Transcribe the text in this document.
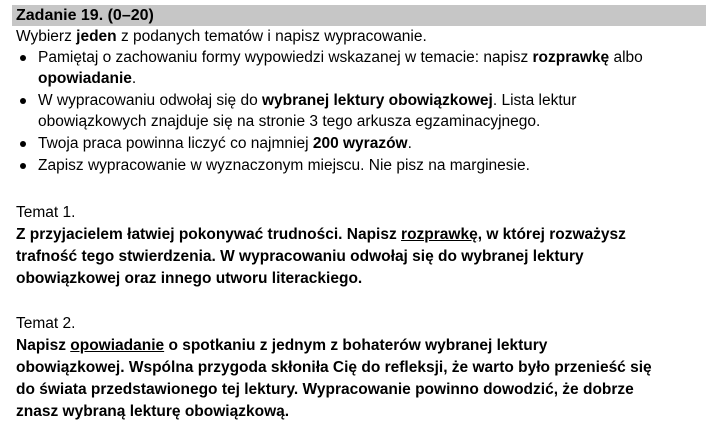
Zadanie 19. (0–20)
Wybierz jeden z podanych tematów i napisz wypracowanie.
Pamiętaj o zachowaniu formy wypowiedzi wskazanej w temacie: napisz rozprawkę albo
opowiadanie.
W wypracowaniu odwołaj się do wybranej lektury obowiązkowej. Lista lektur
obowiązkowych znajduje się na stronie 3 tego arkusza egzaminacyjnego.
Twoja praca powinna liczyć co najmniej 200 wyrazów.
Zapisz wypracowanie w wyznaczonym miejscu. Nie pisz na marginesie.
Temat 1.
Z przyjacielem łatwiej pokonywać trudności. Napisz rozprawkę, w której rozważysz
trafność tego stwierdzenia. W wypracowaniu odwołaj się do wybranej lektury
obowiązkowej oraz innego utworu literackiego.
Temat 2.
Napisz opowiadanie o spotkaniu z jednym z bohaterów wybranej lektury
obowiązkowej. Wspólna przygoda skłoniła Cię do refleksji, że warto było przenieść się
do świata przedstawionego tej lektury. Wypracowanie powinno dowodzić, że dobrze
znasz wybraną lekturę obowiązkową.
